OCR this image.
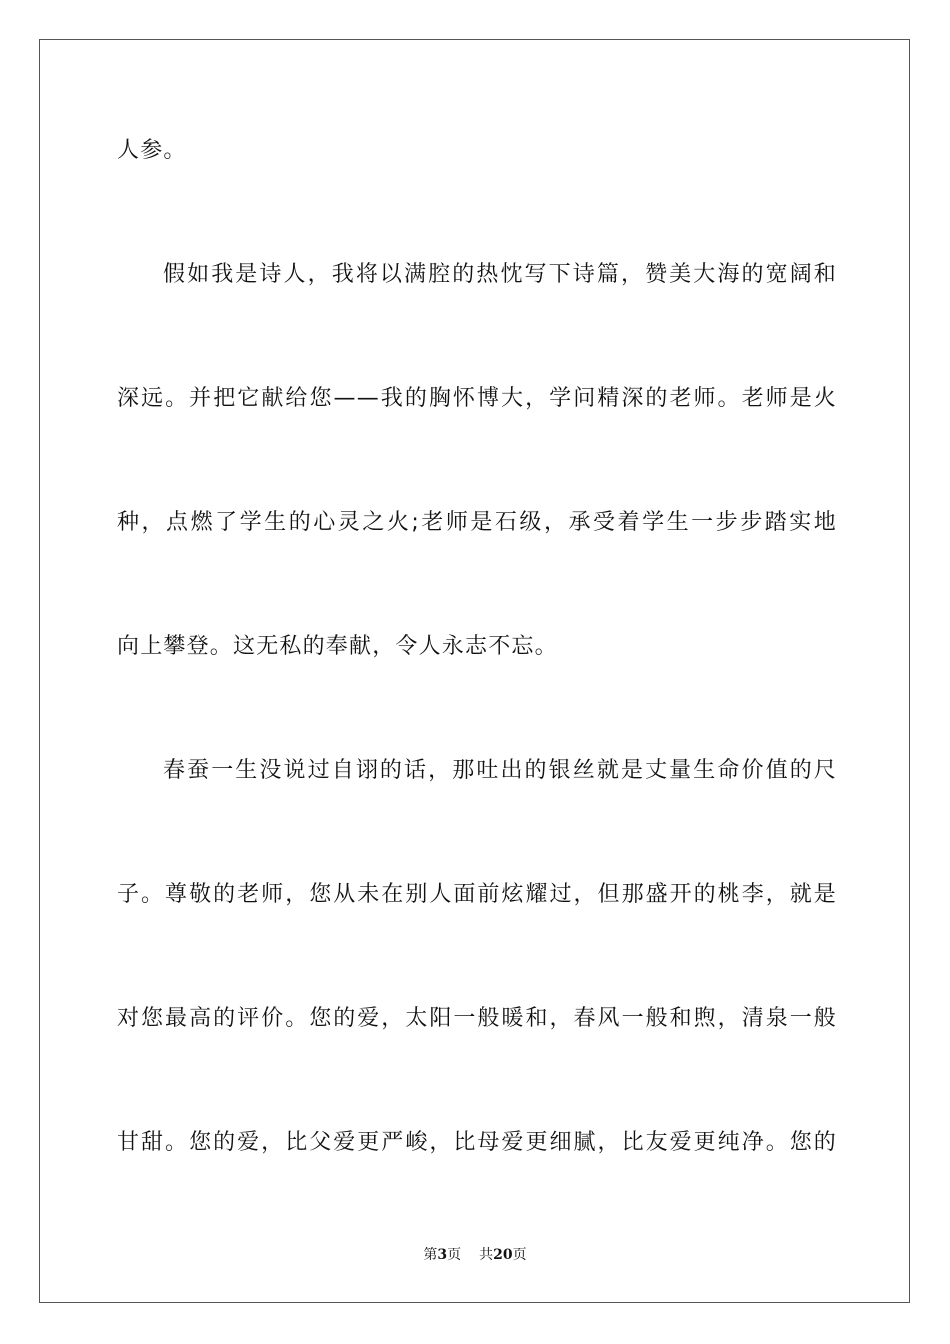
人参。
假如我是诗人，我将以满腔的热忱写下诗篇，赞美大海的宽阔和
深远。并把它献给您——我的胸怀博大，学问精深的老师。老师是火
种，点燃了学生的心灵之火;老师是石级，承受着学生一步步踏实地
向上攀登。这无私的奉献，令人永志不忘。
春蚕一生没说过自诩的话，那吐出的银丝就是丈量生命价值的尺
子。尊敬的老师，您从未在别人面前炫耀过，但那盛开的桃李，就是
对您最高的评价。您的爱，太阳一般暖和，春风一般和煦，清泉一般
甘甜。您的爱，比父爱更严峻，比母爱更细腻，比友爱更纯净。您的
第3页 共20页
